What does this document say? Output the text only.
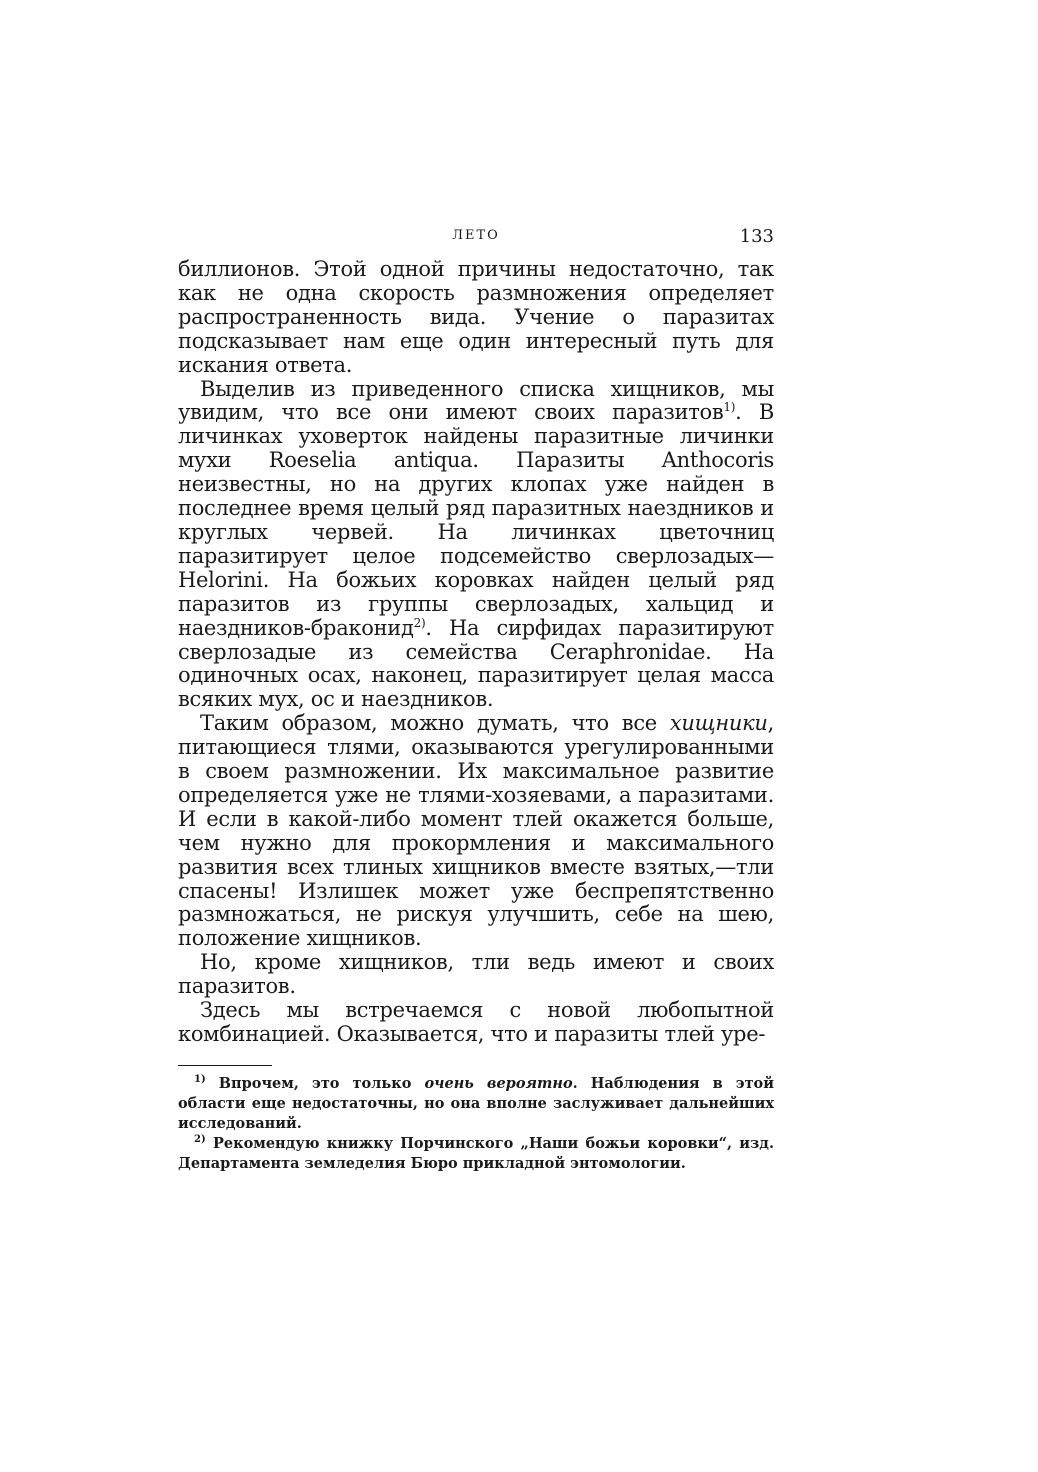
ЛЕТО	133

биллионов. Этой одной причины недостаточно, так как не одна скорость размножения определяет распространенность вида. Учение о паразитах подсказывает нам еще один интересный путь для искания ответа.

Выделив из приведенного списка хищников, мы увидим, что все они имеют своих паразитов$^{1)}$. В личинках уховерток найдены паразитные личинки мухи Roeselia antiqua. Паразиты Anthocoris неизвестны, но на других клопах уже найден в последнее время целый ряд паразитных наездников и круглых червей. На личинках цветочниц паразитирует целое подсемейство сверлозадых—Helorini. На божьих коровках найден целый ряд паразитов из группы сверлозадых, хальцид и наездников-браконид$^{2)}$. На сирфидах паразитируют сверлозадые из семейства Ceraphronidae. На одиночных осах, наконец, паразитирует целая масса всяких мух, ос и наездников.

Таким образом, можно думать, что все хищники, питающиеся тлями, оказываются урегулированными в своем размножении. Их максимальное развитие определяется уже не тлями-хозяевами, а паразитами. И если в какой-либо момент тлей окажется больше, чем нужно для прокормления и максимального развития всех тлиных хищников вместе взятых,—тли спасены! Излишек может уже беспрепятственно размножаться, не рискуя улучшить, себе на шею, положение хищников.

Но, кроме хищников, тли ведь имеют и своих паразитов.

Здесь мы встречаемся с новой любопытной комбинацией. Оказывается, что и паразиты тлей уре-

$^{1)}$ Впрочем, это только очень вероятно. Наблюдения в этой области еще недостаточны, но она вполне заслуживает дальнейших исследований.

$^{2)}$ Рекомендую книжку Порчинского „Наши божьи коровки“, изд. Департамента земледелия Бюро прикладной энтомологии.
